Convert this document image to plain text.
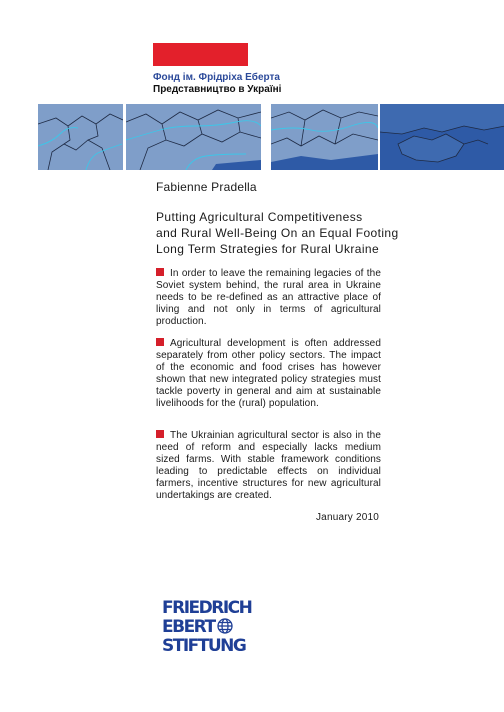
Фонд ім. Фрідріха Еберта
Представництво в Україні
Fabienne Pradella
Putting Agricultural Competitiveness
and Rural Well-Being On an Equal Footing
Long Term Strategies for Rural Ukraine
In order to leave the remaining legacies of the Soviet system behind, the rural area in Ukraine needs to be re-defined as an attractive place of living and not only in terms of agricultural production.
Agricultural development is often addressed separately from other policy sectors. The impact of the economic and food crises has however shown that new integrated policy strategies must tackle poverty in general and aim at sustainable livelihoods for the (rural) population.
The Ukrainian agricultural sector is also in the need of reform and especially lacks medium sized farms. With stable framework conditions leading to predictable effects on individual farmers, incentive structures for new agricultural undertakings are created.
January 2010
FRIEDRICH
EBERT
STIFTUNG
